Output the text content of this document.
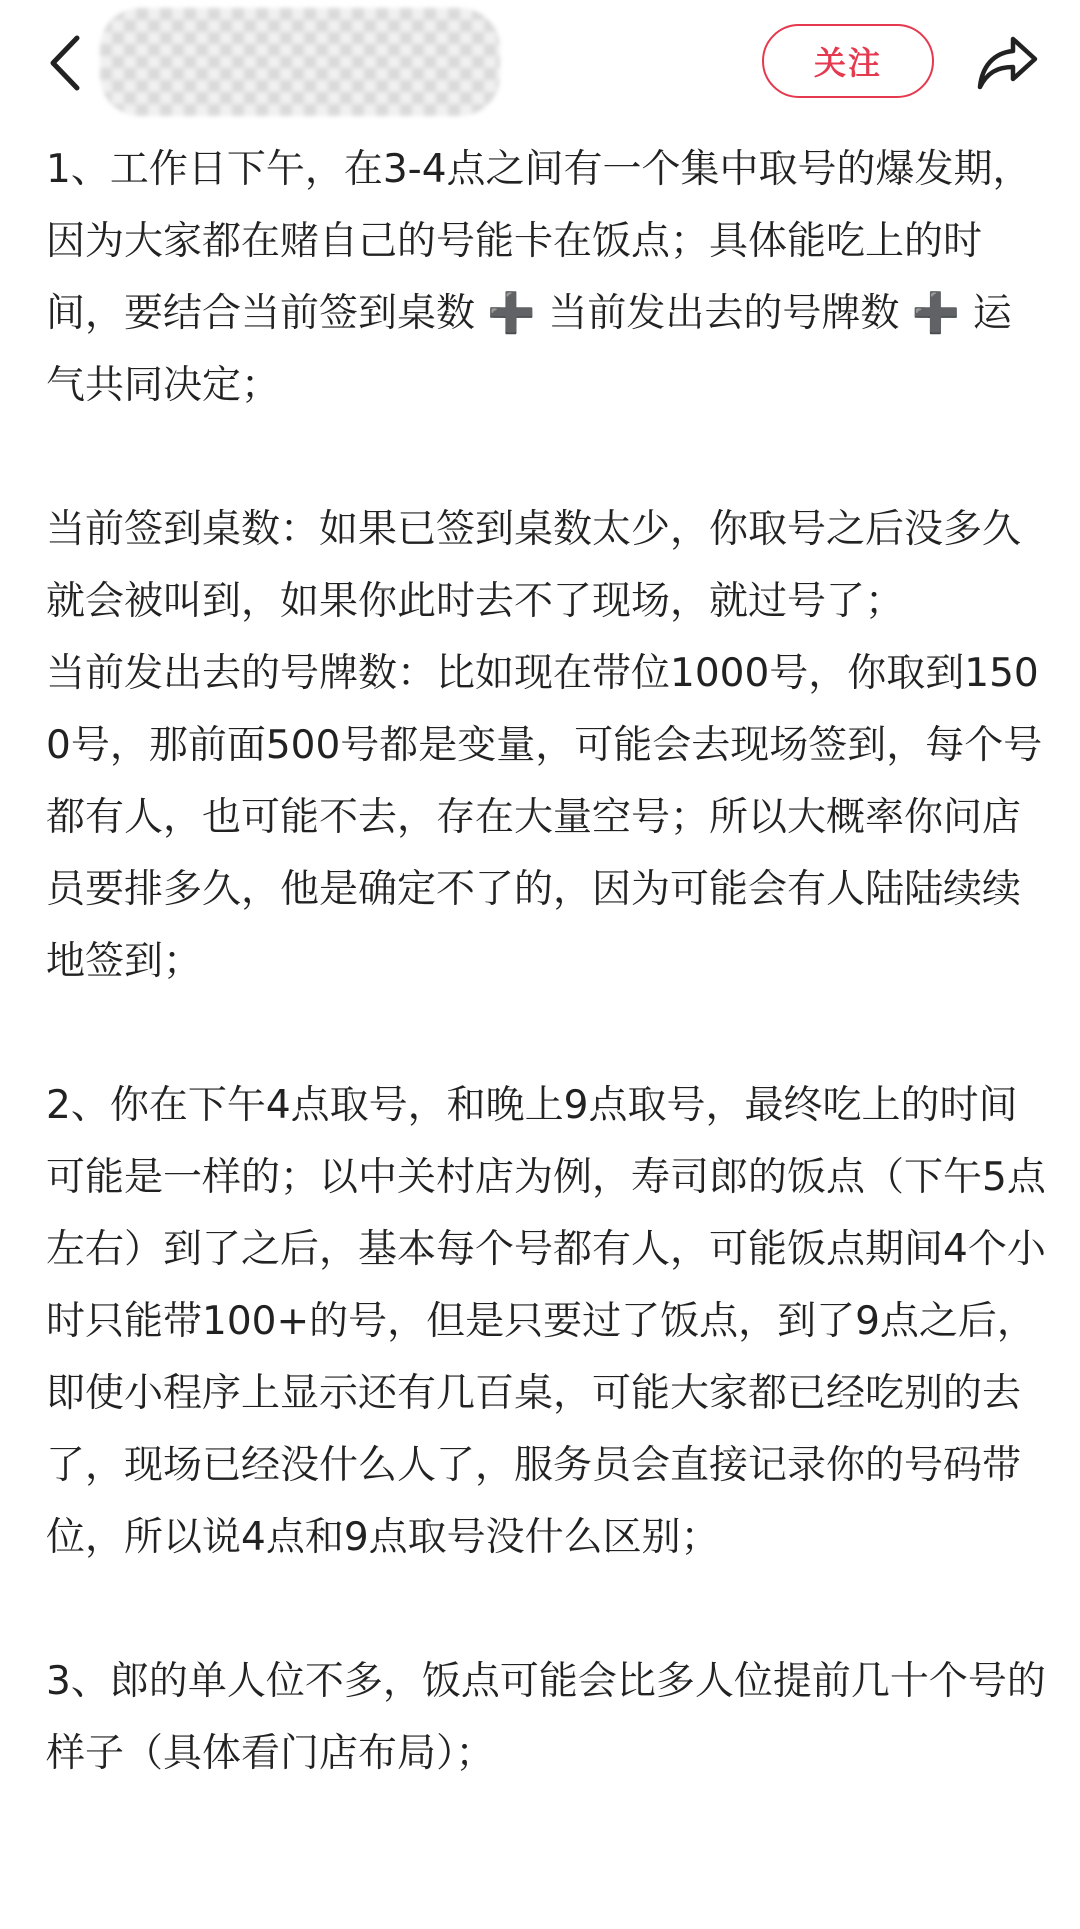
关注

1、工作日下午，在3-4点之间有一个集中取号的爆发期，因为大家都在赌自己的号能卡在饭点；具体能吃上的时间，要结合当前签到桌数 ➕ 当前发出去的号牌数 ➕ 运气共同决定；

当前签到桌数：如果已签到桌数太少，你取号之后没多久就会被叫到，如果你此时去不了现场，就过号了；

当前发出去的号牌数：比如现在带位1000号，你取到1500号，那前面500号都是变量，可能会去现场签到，每个号都有人，也可能不去，存在大量空号；所以大概率你问店员要排多久，他是确定不了的，因为可能会有人陆陆续续地签到；

2、你在下午4点取号，和晚上9点取号，最终吃上的时间可能是一样的；以中关村店为例，寿司郎的饭点（下午5点左右）到了之后，基本每个号都有人，可能饭点期间4个小时只能带100+的号，但是只要过了饭点，到了9点之后，即使小程序上显示还有几百桌，可能大家都已经吃别的去了，现场已经没什么人了，服务员会直接记录你的号码带位，所以说4点和9点取号没什么区别；

3、郎的单人位不多，饭点可能会比多人位提前几十个号的样子（具体看门店布局）；
